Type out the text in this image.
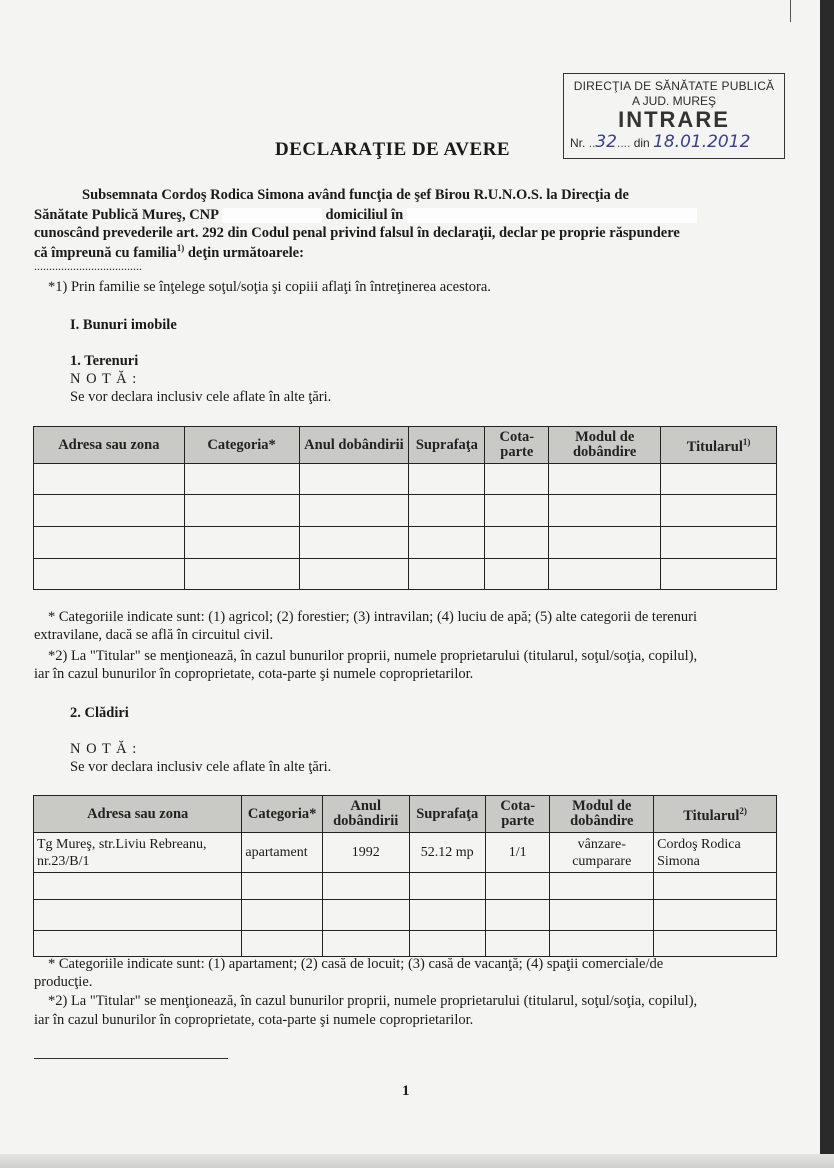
DIRECŢIA DE SĂNĂTATE PUBLICĂ
A JUD. MUREŞ
INTRARE
Nr. ..32.... din 18.01.2012
DECLARAŢIE DE AVERE
Subsemnata Cordoş Rodica Simona având funcţia de şef Birou R.U.N.O.S. la Direcţia de
Sănătate Publică Mureş, CNP	domiciliul în
cunoscând prevederile art. 292 din Codul penal privind falsul în declaraţii, declar pe proprie răspundere
că împreună cu familia$^{1)}$ deţin următoarele:
....................................
*1) Prin familie se înţelege soţul/soţia şi copiii aflaţi în întreţinerea acestora.
I. Bunuri imobile
1. Terenuri
N O T Ă :
Se vor declara inclusiv cele aflate în alte ţări.
Adresa sau zona	Categoria*	Anul dobândirii	Suprafaţa	Cota-parte	Modul de dobândire	Titularul$^{1)}$

* Categoriile indicate sunt: (1) agricol; (2) forestier; (3) intravilan; (4) luciu de apă; (5) alte categorii de terenuri
extravilane, dacă se află în circuitul civil.
*2) La "Titular" se menţionează, în cazul bunurilor proprii, numele proprietarului (titularul, soţul/soţia, copilul),
iar în cazul bunurilor în coproprietate, cota-parte şi numele coproprietarilor.
2. Clădiri
N O T Ă :
Se vor declara inclusiv cele aflate în alte ţări.
Adresa sau zona	Categoria*	Anul dobândirii	Suprafaţa	Cota-parte	Modul de dobândire	Titularul$^{2)}$
Tg Mureş, str.Liviu Rebreanu, nr.23/B/1	apartament	1992	52.12 mp	1/1	vânzare-cumparare	Cordoş Rodica Simona

* Categoriile indicate sunt: (1) apartament; (2) casă de locuit; (3) casă de vacanţă; (4) spaţii comerciale/de
producţie.
*2) La "Titular" se menţionează, în cazul bunurilor proprii, numele proprietarului (titularul, soţul/soţia, copilul),
iar în cazul bunurilor în coproprietate, cota-parte şi numele coproprietarilor.
1
